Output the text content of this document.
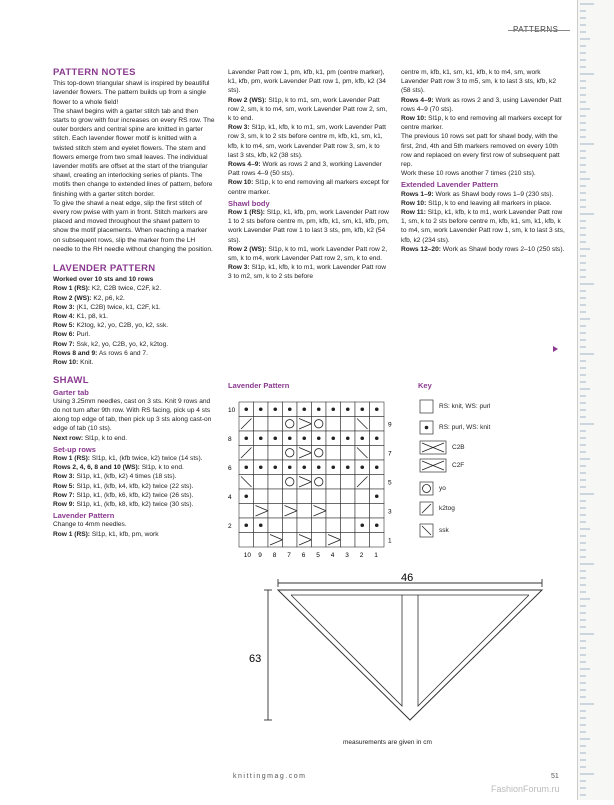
PATTERNS
PATTERN NOTES

This top-down triangular shawl is inspired by beautiful lavender flowers. The pattern builds up from a single flower to a whole field!

The shawl begins with a garter stitch tab and then starts to grow with four increases on every RS row. The outer borders and central spine are knitted in garter stitch. Each lavender flower motif is knitted with a twisted stitch stem and eyelet flowers. The stem and flowers emerge from two small leaves. The individual lavender motifs are offset at the start of the triangular shawl, creating an interlocking series of plants. The motifs then change to extended lines of pattern, before finishing with a garter stitch border.

To give the shawl a neat edge, slip the first stitch of every row pwise with yarn in front. Stitch markers are placed and moved throughout the shawl pattern to show the motif placements. When reaching a marker on subsequent rows, slip the marker from the LH needle to the RH needle without changing the position.

LAVENDER PATTERN

Worked over 10 sts and 10 rows

Row 1 (RS): K2, C2B twice, C2F, k2.

Row 2 (WS): K2, p6, k2.

Row 3: (K1, C2B) twice, k1, C2F, k1.

Row 4: K1, p8, k1.

Row 5: K2tog, k2, yo, C2B, yo, k2, ssk.

Row 6: Purl.

Row 7: Ssk, k2, yo, C2B, yo, k2, k2tog.

Rows 8 and 9: As rows 6 and 7.

Row 10: Knit.

SHAWL
Garter tab

Using 3.25mm needles, cast on 3 sts. Knit 9 rows and do not turn after 9th row. With RS facing, pick up 4 sts along top edge of tab, then pick up 3 sts along cast-on edge of tab (10 sts).

Next row: Sl1p, k to end.

Set-up rows

Row 1 (RS): Sl1p, k1, (kfb twice, k2) twice (14 sts).

Rows 2, 4, 6, 8 and 10 (WS): Sl1p, k to end.

Row 3: Sl1p, k1, (kfb, k2) 4 times (18 sts).

Row 5: Sl1p, k1, (kfb, k4, kfb, k2) twice (22 sts).

Row 7: Sl1p, k1, (kfb, k6, kfb, k2) twice (26 sts).

Row 9: Sl1p, k1, (kfb, k8, kfb, k2) twice (30 sts).

Lavender Pattern

Change to 4mm needles.

Row 1 (RS): Sl1p, k1, kfb, pm, work

Lavender Patt row 1, pm, kfb, k1, pm (centre marker), k1, kfb, pm, work Lavender Patt row 1, pm, kfb, k2 (34 sts).

Row 2 (WS): Sl1p, k to m1, sm, work Lavender Patt row 2, sm, k to m4, sm, work Lavender Patt row 2, sm, k to end.

Row 3: Sl1p, k1, kfb, k to m1, sm, work Lavender Patt row 3, sm, k to 2 sts before centre m, kfb, k1, sm, k1, kfb, k to m4, sm, work Lavender Patt row 3, sm, k to last 3 sts, kfb, k2 (38 sts).

Rows 4–9: Work as rows 2 and 3, working Lavender Patt rows 4–9 (50 sts).

Row 10: Sl1p, k to end removing all markers except for centre marker.

Shawl body

Row 1 (RS): Sl1p, k1, kfb, pm, work Lavender Patt row 1 to 2 sts before centre m, pm, kfb, k1, sm, k1, kfb, pm, work Lavender Patt row 1 to last 3 sts, pm, kfb, k2 (54 sts).

Row 2 (WS): Sl1p, k to m1, work Lavender Patt row 2, sm, k to m4, work Lavender Patt row 2, sm, k to end.

Row 3: Sl1p, k1, kfb, k to m1, work Lavender Patt row 3 to m2, sm, k to 2 sts before

centre m, kfb, k1, sm, k1, kfb, k to m4, sm, work Lavender Patt row 3 to m5, sm, k to last 3 sts, kfb, k2 (58 sts).

Rows 4–9: Work as rows 2 and 3, using Lavender Patt rows 4–9 (70 sts).

Row 10: Sl1p, k to end removing all markers except for centre marker.

The previous 10 rows set patt for shawl body, with the first, 2nd, 4th and 5th markers removed on every 10th row and replaced on every first row of subsequent patt rep.

Work these 10 rows another 7 times (210 sts).

Extended Lavender Pattern

Rows 1–9: Work as Shawl body rows 1–9 (230 sts).

Row 10: Sl1p, k to end leaving all markers in place.

Row 11: Sl1p, k1, kfb, k to m1, work Lavender Patt row 1, sm, k to 2 sts before centre m, kfb, k1, sm, k1, kfb, k to m4, sm, work Lavender Patt row 1, sm, k to last 3 sts, kfb, k2 (234 sts).

Rows 12–20: Work as Shawl body rows 2–10 (250 sts).

Lavender Pattern
10
9
8
7
6
5
4
3
2
1
10 9 8 7 6 5 4 3 2 1
Key
RS: knit, WS: purl
RS: purl, WS: knit
C2B
C2F
yo
k2tog
ssk
46
63
measurements are given in cm
knittingmag.com	51
FashionForum.ru
